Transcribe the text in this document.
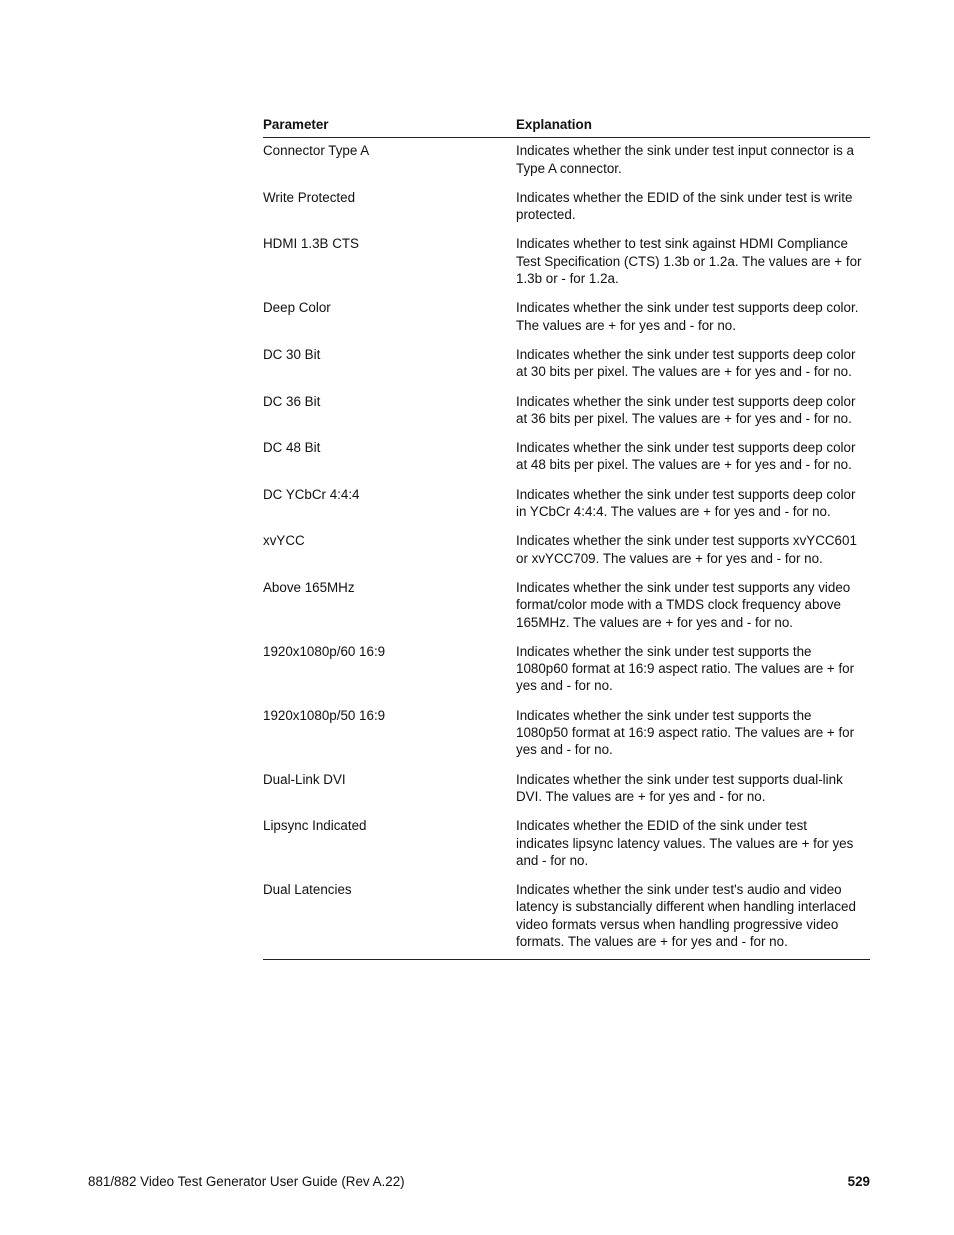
Parameter	Explanation
Connector Type A	Indicates whether the sink under test input connector is a Type A connector.
Write Protected	Indicates whether the EDID of the sink under test is write protected.
HDMI 1.3B CTS	Indicates whether to test sink against HDMI Compliance Test Specification (CTS) 1.3b or 1.2a. The values are + for 1.3b or - for 1.2a.
Deep Color	Indicates whether the sink under test supports deep color. The values are + for yes and - for no.
DC 30 Bit	Indicates whether the sink under test supports deep color at 30 bits per pixel. The values are + for yes and - for no.
DC 36 Bit	Indicates whether the sink under test supports deep color at 36 bits per pixel. The values are + for yes and - for no.
DC 48 Bit	Indicates whether the sink under test supports deep color at 48 bits per pixel. The values are + for yes and - for no.
DC YCbCr 4:4:4	Indicates whether the sink under test supports deep color in YCbCr 4:4:4. The values are + for yes and - for no.
xvYCC	Indicates whether the sink under test supports xvYCC601 or xvYCC709. The values are + for yes and - for no.
Above 165MHz	Indicates whether the sink under test supports any video format/color mode with a TMDS clock frequency above 165MHz. The values are + for yes and - for no.
1920x1080p/60 16:9	Indicates whether the sink under test supports the 1080p60 format at 16:9 aspect ratio. The values are + for yes and - for no.
1920x1080p/50 16:9	Indicates whether the sink under test supports the 1080p50 format at 16:9 aspect ratio. The values are + for yes and - for no.
Dual-Link DVI	Indicates whether the sink under test supports dual-link DVI. The values are + for yes and - for no.
Lipsync Indicated	Indicates whether the EDID of the sink under test indicates lipsync latency values. The values are + for yes and - for no.
Dual Latencies	Indicates whether the sink under test's audio and video latency is substancially different when handling interlaced video formats versus when handling progressive video formats. The values are + for yes and - for no.
881/882 Video Test Generator User Guide (Rev A.22)	529
